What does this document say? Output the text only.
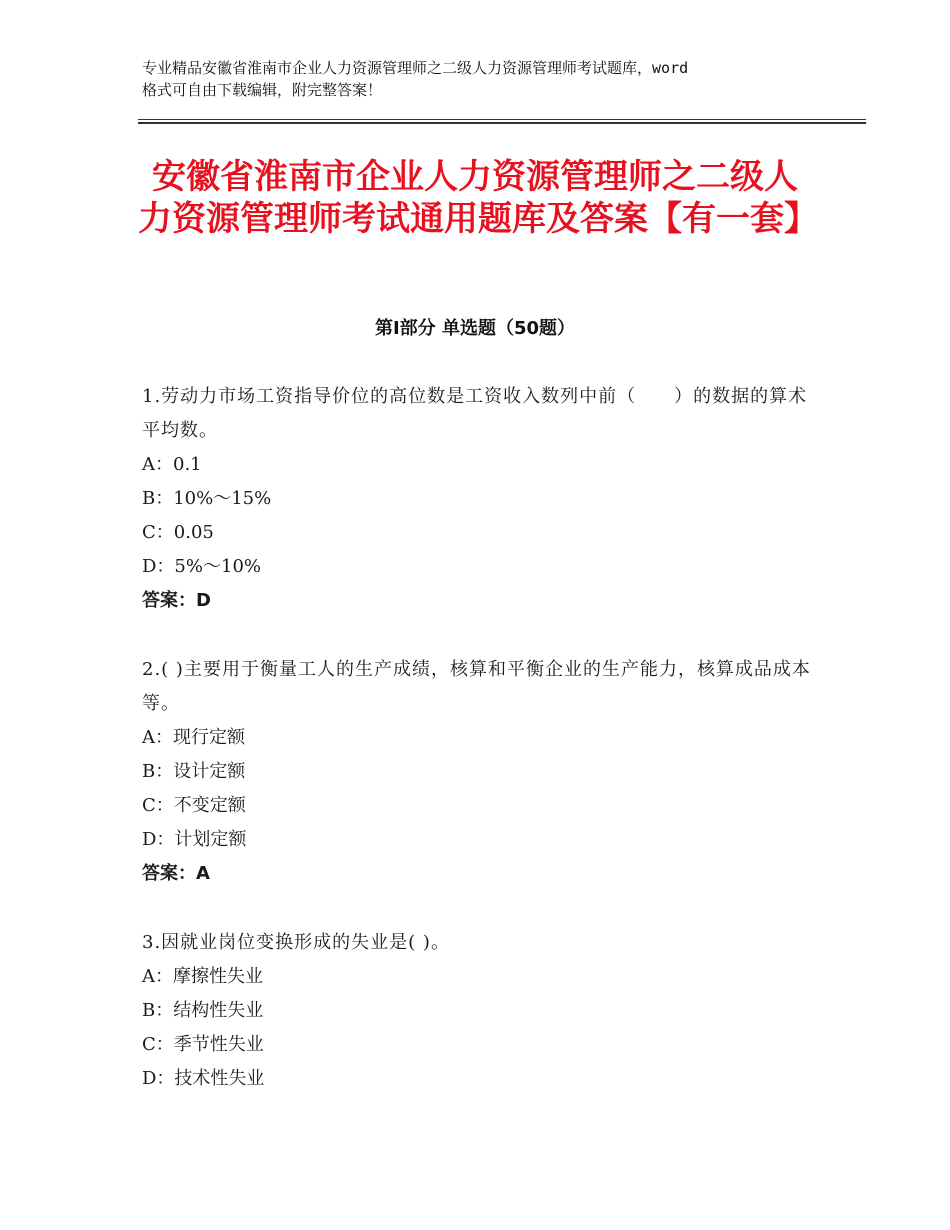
专业精品安徽省淮南市企业人力资源管理师之二级人力资源管理师考试题库，word
格式可自由下载编辑，附完整答案！
安徽省淮南市企业人力资源管理师之二级人力资源管理师考试通用题库及答案【有一套】
第Ⅰ部分 单选题（50题）

1.劳动力市场工资指导价位的高位数是工资收入数列中前（　　）的数据的算术平均数。

A：0.1

B：10%～15%

C：0.05

D：5%～10%

答案：D

2.( )主要用于衡量工人的生产成绩，核算和平衡企业的生产能力，核算成品成本等。

A：现行定额

B：设计定额

C：不变定额

D：计划定额

答案：A

3.因就业岗位变换形成的失业是( )。

A：摩擦性失业

B：结构性失业

C：季节性失业

D：技术性失业
